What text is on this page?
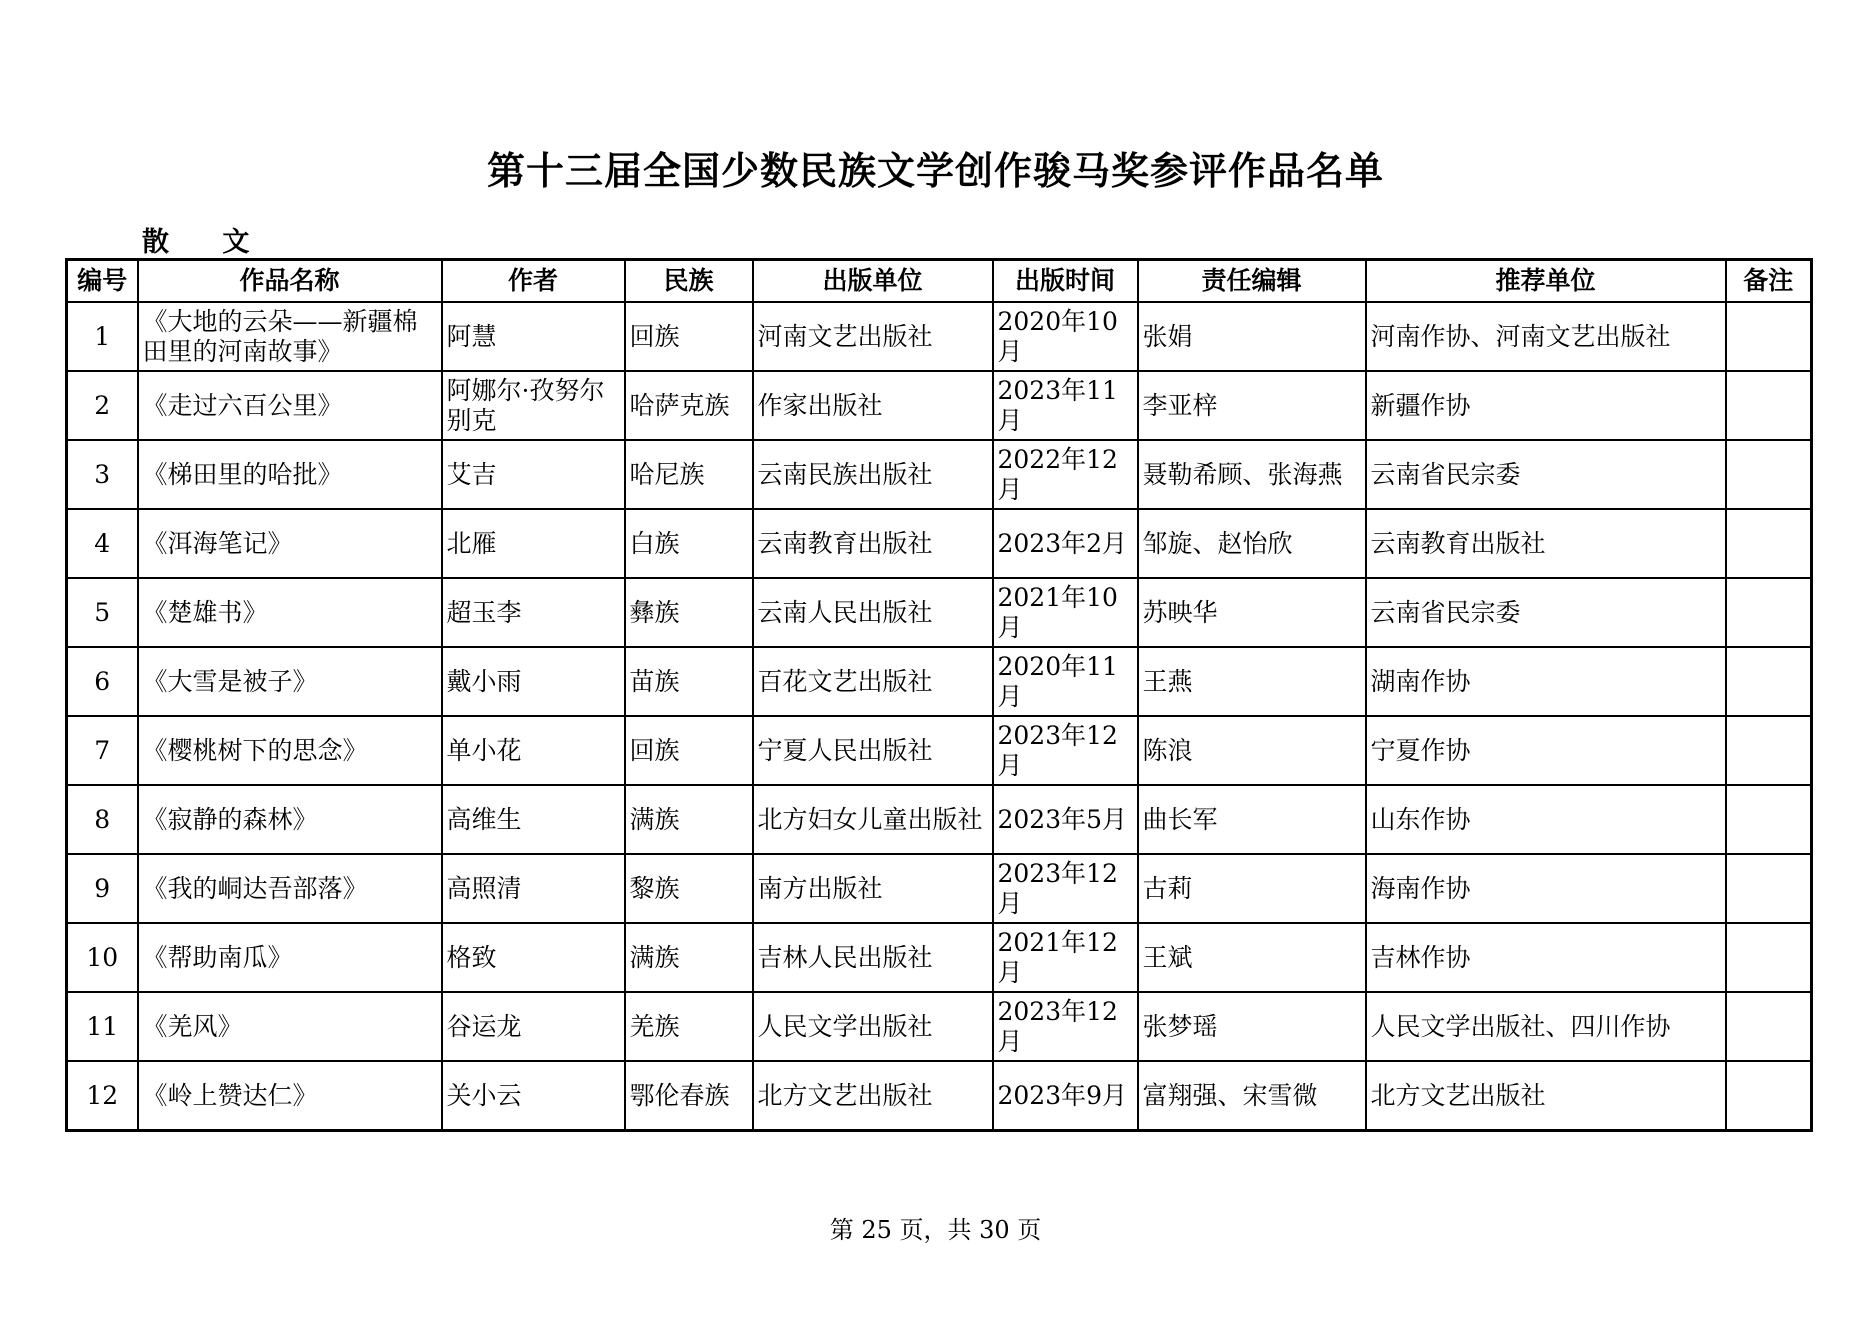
第十三届全国少数民族文学创作骏马奖参评作品名单
散 文
编号	作品名称	作者	民族	出版单位	出版时间	责任编辑	推荐单位	备注
1	《大地的云朵——新疆棉田里的河南故事》	阿慧	回族	河南文艺出版社	2020年10月	张娟	河南作协、河南文艺出版社	
2	《走过六百公里》	阿娜尔·孜努尔别克	哈萨克族	作家出版社	2023年11月	李亚梓	新疆作协	
3	《梯田里的哈批》	艾吉	哈尼族	云南民族出版社	2022年12月	聂勒希顾、张海燕	云南省民宗委	
4	《洱海笔记》	北雁	白族	云南教育出版社	2023年2月	邹旋、赵怡欣	云南教育出版社	
5	《楚雄书》	超玉李	彝族	云南人民出版社	2021年10月	苏映华	云南省民宗委	
6	《大雪是被子》	戴小雨	苗族	百花文艺出版社	2020年11月	王燕	湖南作协	
7	《樱桃树下的思念》	单小花	回族	宁夏人民出版社	2023年12月	陈浪	宁夏作协	
8	《寂静的森林》	高维生	满族	北方妇女儿童出版社	2023年5月	曲长军	山东作协	
9	《我的峒达吾部落》	高照清	黎族	南方出版社	2023年12月	古莉	海南作协	
10	《帮助南瓜》	格致	满族	吉林人民出版社	2021年12月	王斌	吉林作协	
11	《羌风》	谷运龙	羌族	人民文学出版社	2023年12月	张梦瑶	人民文学出版社、四川作协	
12	《岭上赞达仁》	关小云	鄂伦春族	北方文艺出版社	2023年9月	富翔强、宋雪微	北方文艺出版社	
第 25 页，共 30 页
